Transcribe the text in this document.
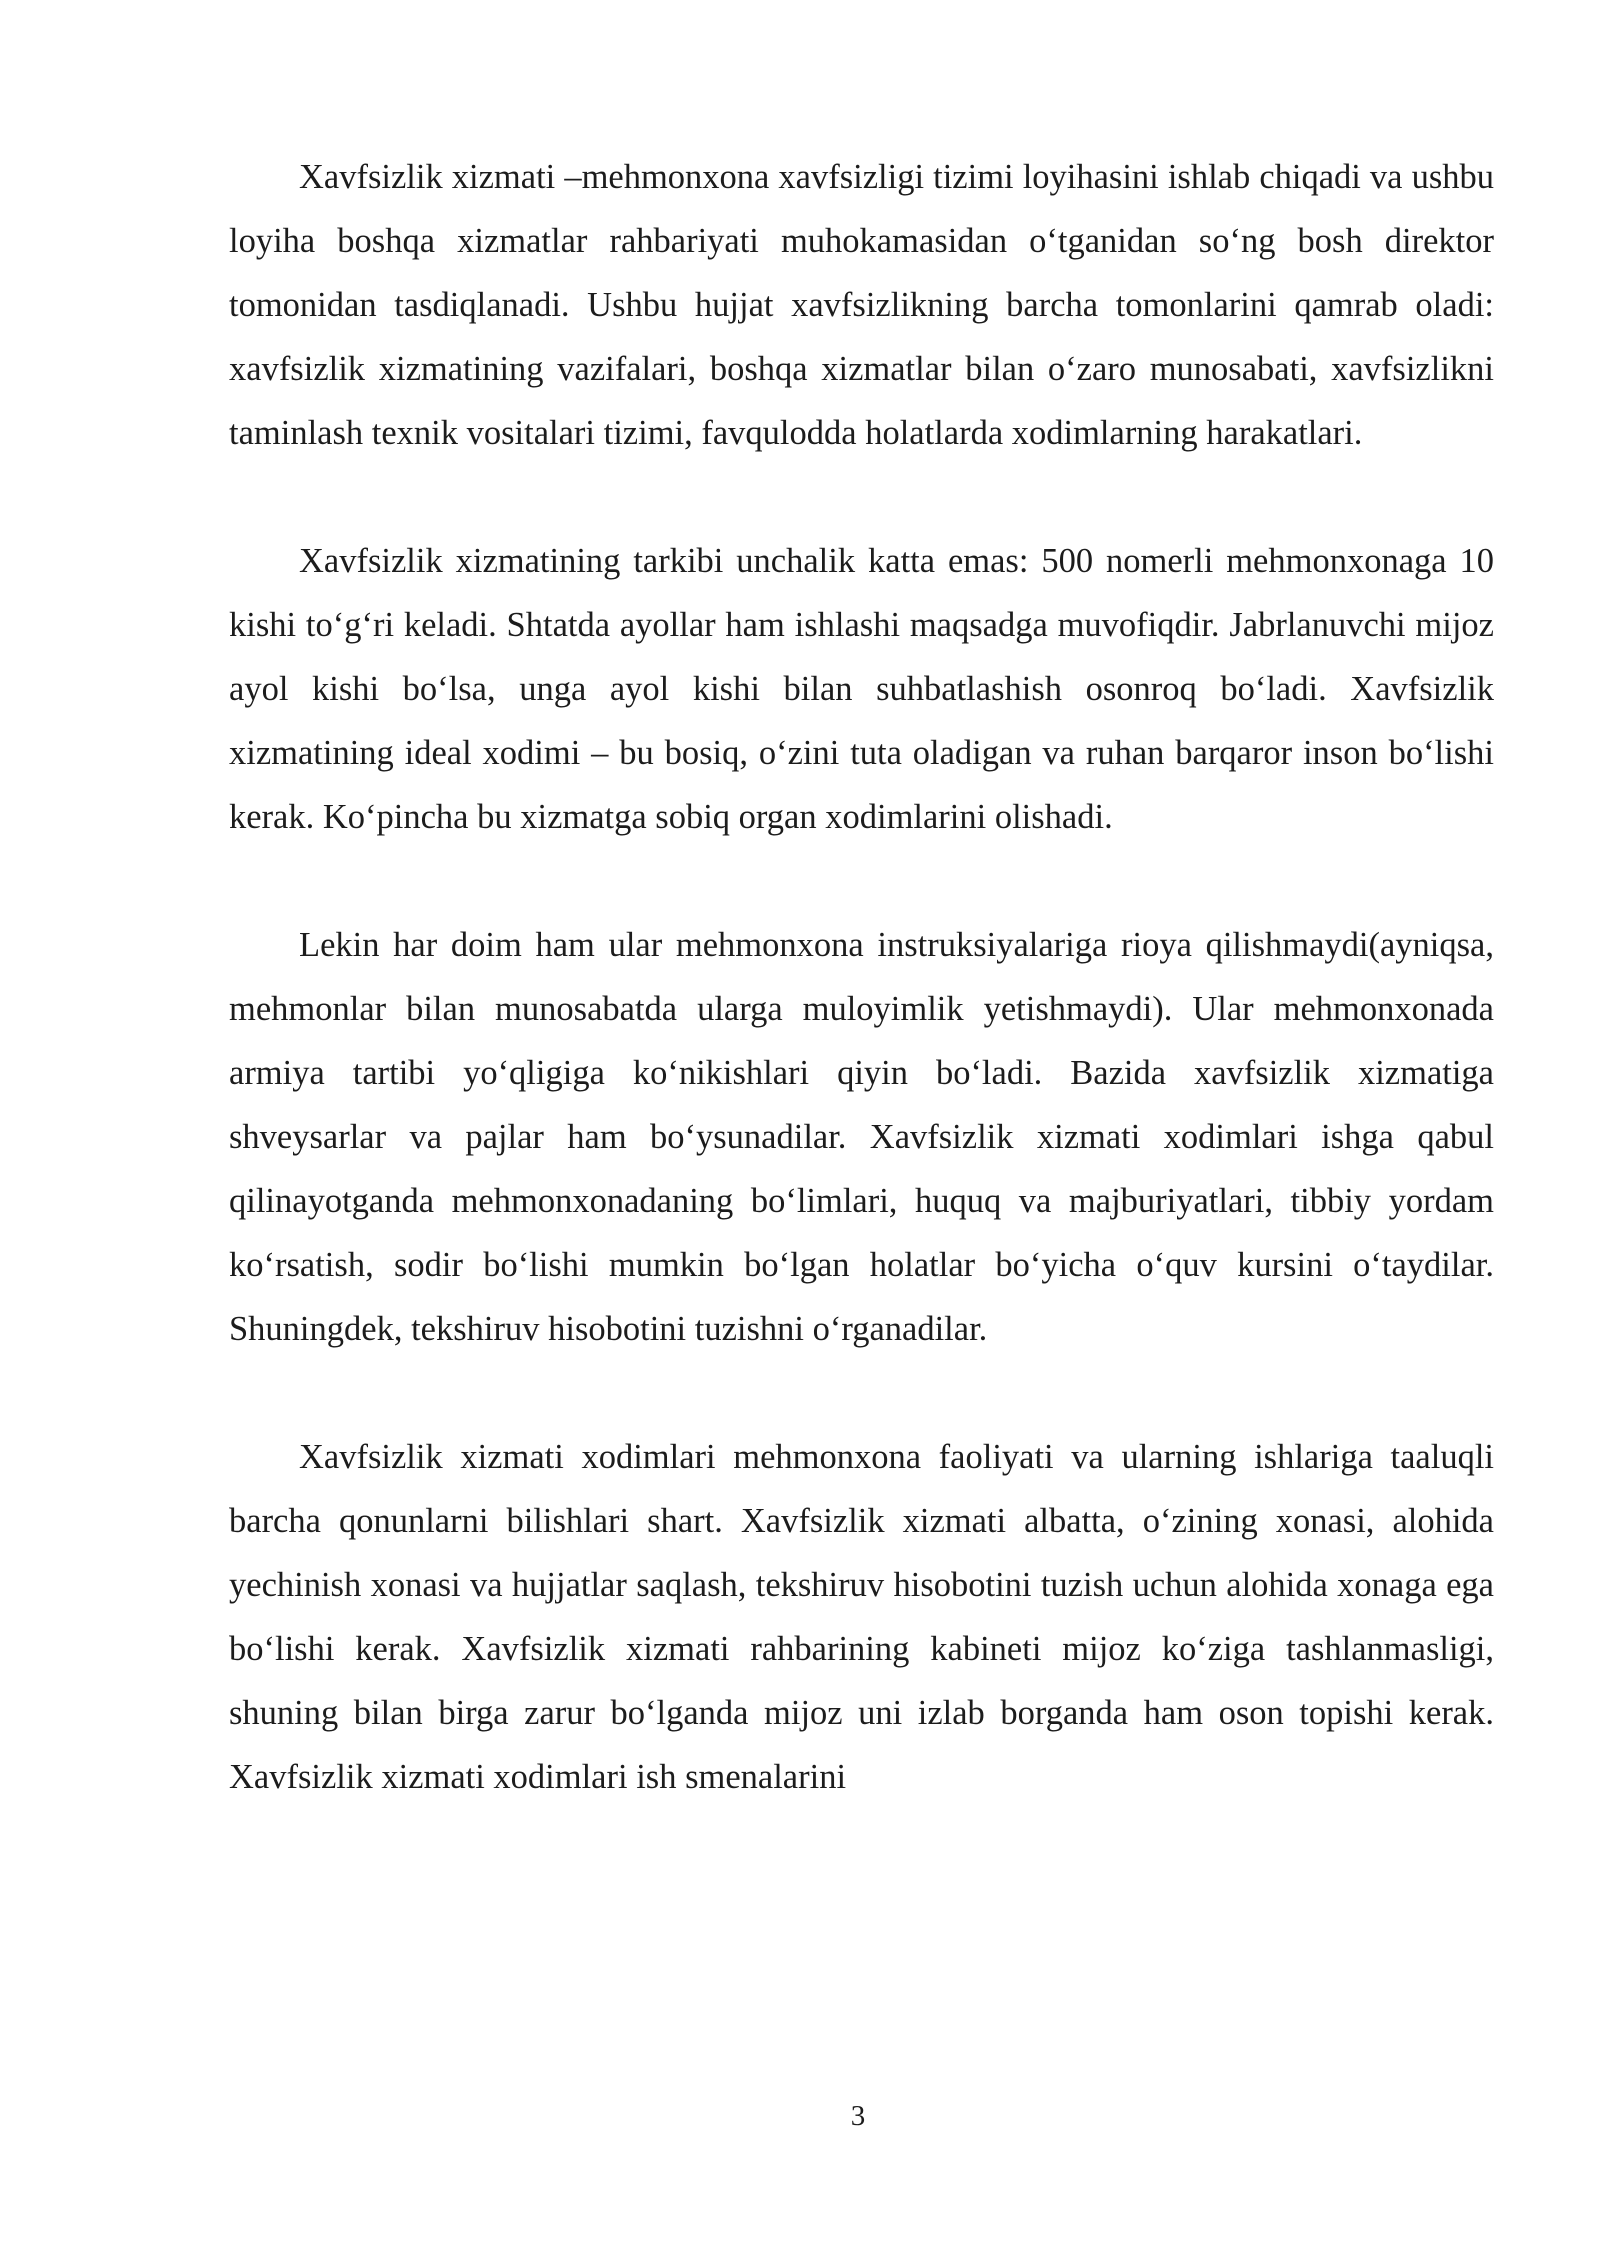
Xavfsizlik xizmati –mehmonxona xavfsizligi tizimi loyihasini ishlab chiqadi va ushbu loyiha boshqa xizmatlar rahbariyati muhokamasidan o‘tganidan so‘ng bosh direktor tomonidan tasdiqlanadi. Ushbu hujjat xavfsizlikning barcha tomonlarini qamrab oladi: xavfsizlik xizmatining vazifalari, boshqa xizmatlar bilan o‘zaro munosabati, xavfsizlikni taminlash texnik vositalari tizimi, favqulodda holatlarda xodimlarning harakatlari.

Xavfsizlik xizmatining tarkibi unchalik katta emas: 500 nomerli mehmonxonaga 10 kishi to‘g‘ri keladi. Shtatda ayollar ham ishlashi maqsadga muvofiqdir. Jabrlanuvchi mijoz ayol kishi bo‘lsa, unga ayol kishi bilan suhbatlashish osonroq bo‘ladi. Xavfsizlik xizmatining ideal xodimi – bu bosiq, o‘zini tuta oladigan va ruhan barqaror inson bo‘lishi kerak. Ko‘pincha bu xizmatga sobiq organ xodimlarini olishadi.

Lekin har doim ham ular mehmonxona instruksiyalariga rioya qilishmaydi(ayniqsa, mehmonlar bilan munosabatda ularga muloyimlik yetishmaydi). Ular mehmonxonada armiya tartibi yo‘qligiga ko‘nikishlari qiyin bo‘ladi. Bazida xavfsizlik xizmatiga shveysarlar va pajlar ham bo‘ysunadilar. Xavfsizlik xizmati xodimlari ishga qabul qilinayotganda mehmonxonadaning bo‘limlari, huquq va majburiyatlari, tibbiy yordam ko‘rsatish, sodir bo‘lishi mumkin bo‘lgan holatlar bo‘yicha o‘quv kursini o‘taydilar. Shuningdek, tekshiruv hisobotini tuzishni o‘rganadilar.

Xavfsizlik xizmati xodimlari mehmonxona faoliyati va ularning ishlariga taaluqli barcha qonunlarni bilishlari shart. Xavfsizlik xizmati albatta, o‘zining xonasi, alohida yechinish xonasi va hujjatlar saqlash, tekshiruv hisobotini tuzish uchun alohida xonaga ega bo‘lishi kerak. Xavfsizlik xizmati rahbarining kabineti mijoz ko‘ziga tashlanmasligi, shuning bilan birga zarur bo‘lganda mijoz uni izlab borganda ham oson topishi kerak. Xavfsizlik xizmati xodimlari ish smenalarini

3
